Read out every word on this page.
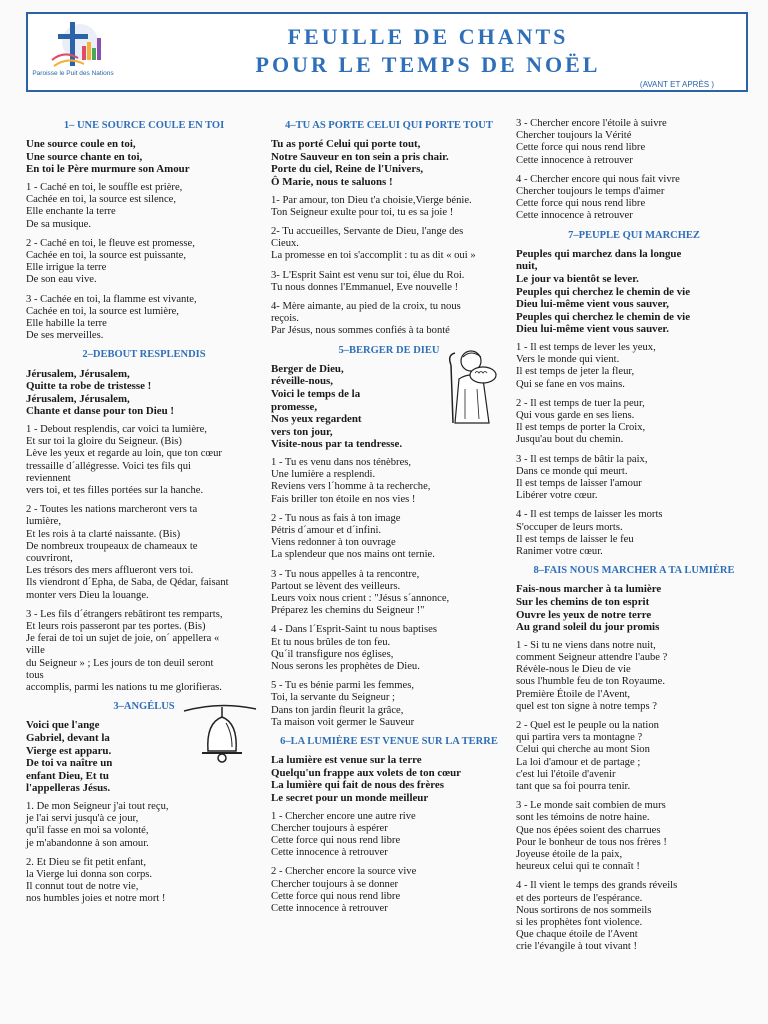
Paroisse le Puit des Nations
FEUILLE DE CHANTS
POUR LE TEMPS DE NOËL
(AVANT ET APRÈS )
1– UNE SOURCE COULE EN TOI
Une source coule en toi,
Une source chante en toi,
En toi le Père murmure son Amour
1 - Caché en toi, le souffle est prière,
Cachée en toi, la source est silence,
Elle enchante la terre
De sa musique.
2 - Caché en toi, le fleuve est promesse,
Cachée en toi, la source est puissante,
Elle irrigue la terre
De son eau vive.
3 - Cachée en toi, la flamme est vivante,
Cachée en toi, la source est lumière,
Elle habille la terre
De ses merveilles.
2–DEBOUT RESPLENDIS
Jérusalem, Jérusalem,
Quitte ta robe de tristesse !
Jérusalem, Jérusalem,
Chante et danse pour ton Dieu !
1 - Debout resplendis, car voici ta lumière,
Et sur toi la gloire du Seigneur. (Bis)
Lève les yeux et regarde au loin, que ton cœur
tressaille d´allégresse. Voici tes fils qui
reviennent
vers toi, et tes filles portées sur la hanche.
2 - Toutes les nations marcheront vers ta
lumière,
Et les rois à ta clarté naissante. (Bis)
De nombreux troupeaux de chameaux te
couvriront,
Les trésors des mers afflueront vers toi.
Ils viendront d´Epha, de Saba, de Qédar, faisant
monter vers Dieu la louange.
3 - Les fils d´étrangers rebâtiront tes remparts,
Et leurs rois passeront par tes portes. (Bis)
Je ferai de toi un sujet de joie, on´ appellera «
ville
du Seigneur » ; Les jours de ton deuil seront
tous
accomplis, parmi les nations tu me glorifieras.
3–ANGÉLUS
Voici que l'ange
Gabriel, devant la
Vierge est apparu.
De toi va naître un
enfant Dieu, Et tu
l'appelleras Jésus.
1. De mon Seigneur j'ai tout reçu,
je l'ai servi jusqu'à ce jour,
qu'il fasse en moi sa volonté,
je m'abandonne à son amour.
2. Et Dieu se fit petit enfant,
la Vierge lui donna son corps.
Il connut tout de notre vie,
nos humbles joies et notre mort !
4–TU AS PORTE CELUI QUI PORTE TOUT
Tu as porté Celui qui porte tout,
Notre Sauveur en ton sein a pris chair.
Porte du ciel, Reine de l'Univers,
Ô Marie, nous te saluons !
1- Par amour, ton Dieu t'a choisie,Vierge bénie.
Ton Seigneur exulte pour toi, tu es sa joie !
2- Tu accueilles, Servante de Dieu, l'ange des
Cieux.
La promesse en toi s'accomplit : tu as dit « oui »
3- L'Esprit Saint est venu sur toi, élue du Roi.
Tu nous donnes l'Emmanuel, Eve nouvelle !
4- Mère aimante, au pied de la croix, tu nous
reçois.
Par Jésus, nous sommes confiés à ta bonté
5–BERGER DE DIEU
Berger de Dieu,
réveille-nous,
Voici le temps de la
promesse,
Nos yeux regardent
vers ton jour,
Visite-nous par ta tendresse.
1 - Tu es venu dans nos ténèbres,
Une lumière a resplendi.
Reviens vers l´homme à ta recherche,
Fais briller ton étoile en nos vies !
2 - Tu nous as fais à ton image
Pétris d´amour et d´infini.
Viens redonner à ton ouvrage
La splendeur que nos mains ont ternie.
3 - Tu nous appelles à ta rencontre,
Partout se lèvent des veilleurs.
Leurs voix nous crient : "Jésus s´annonce,
Préparez les chemins du Seigneur !"
4 - Dans l´Esprit-Saint tu nous baptises
Et tu nous brûles de ton feu.
Qu´il transfigure nos églises,
Nous serons les prophètes de Dieu.
5 - Tu es bénie parmi les femmes,
Toi, la servante du Seigneur ;
Dans ton jardin fleurit la grâce,
Ta maison voit germer le Sauveur
6–LA LUMIÈRE EST VENUE SUR LA TERRE
La lumière est venue sur la terre
Quelqu'un frappe aux volets de ton cœur
La lumière qui fait de nous des frères
Le secret pour un monde meilleur
1 - Chercher encore une autre rive
Chercher toujours à espérer
Cette force qui nous rend libre
Cette innocence à retrouver
2 - Chercher encore la source vive
Chercher toujours à se donner
Cette force qui nous rend libre
Cette innocence à retrouver
3 - Chercher encore l'étoile à suivre
Chercher toujours la Vérité
Cette force qui nous rend libre
Cette innocence à retrouver
4 - Chercher encore qui nous fait vivre
Chercher toujours le temps d'aimer
Cette force qui nous rend libre
Cette innocence à retrouver
7–PEUPLE QUI MARCHEZ
Peuples qui marchez dans la longue
nuit,
Le jour va bientôt se lever.
Peuples qui cherchez le chemin de vie
Dieu lui-même vient vous sauver,
Peuples qui cherchez le chemin de vie
Dieu lui-même vient vous sauver.
1 - Il est temps de lever les yeux,
Vers le monde qui vient.
Il est temps de jeter la fleur,
Qui se fane en vos mains.
2 - Il est temps de tuer la peur,
Qui vous garde en ses liens.
Il est temps de porter la Croix,
Jusqu'au bout du chemin.
3 - Il est temps de bâtir la paix,
Dans ce monde qui meurt.
Il est temps de laisser l'amour
Libérer votre cœur.
4 - Il est temps de laisser les morts
S'occuper de leurs morts.
Il est temps de laisser le feu
Ranimer votre cœur.
8–FAIS NOUS MARCHER A TA LUMIÈRE
Fais-nous marcher à ta lumière
Sur les chemins de ton esprit
Ouvre les yeux de notre terre
Au grand soleil du jour promis
1 - Si tu ne viens dans notre nuit,
comment Seigneur attendre l'aube ?
Révèle-nous le Dieu de vie
sous l'humble feu de ton Royaume.
Première Étoile de l'Avent,
quel est ton signe à notre temps ?
2 - Quel est le peuple ou la nation
qui partira vers ta montagne ?
Celui qui cherche au mont Sion
La loi d'amour et de partage ;
c'est lui l'étoile d'avenir
tant que sa foi pourra tenir.
3 - Le monde sait combien de murs
sont les témoins de notre haine.
Que nos épées soient des charrues
Pour le bonheur de tous nos frères !
Joyeuse étoile de la paix,
heureux celui qui te connaît !
4 - Il vient le temps des grands réveils
et des porteurs de l'espérance.
Nous sortirons de nos sommeils
si les prophètes font violence.
Que chaque étoile de l'Avent
crie l'évangile à tout vivant !
